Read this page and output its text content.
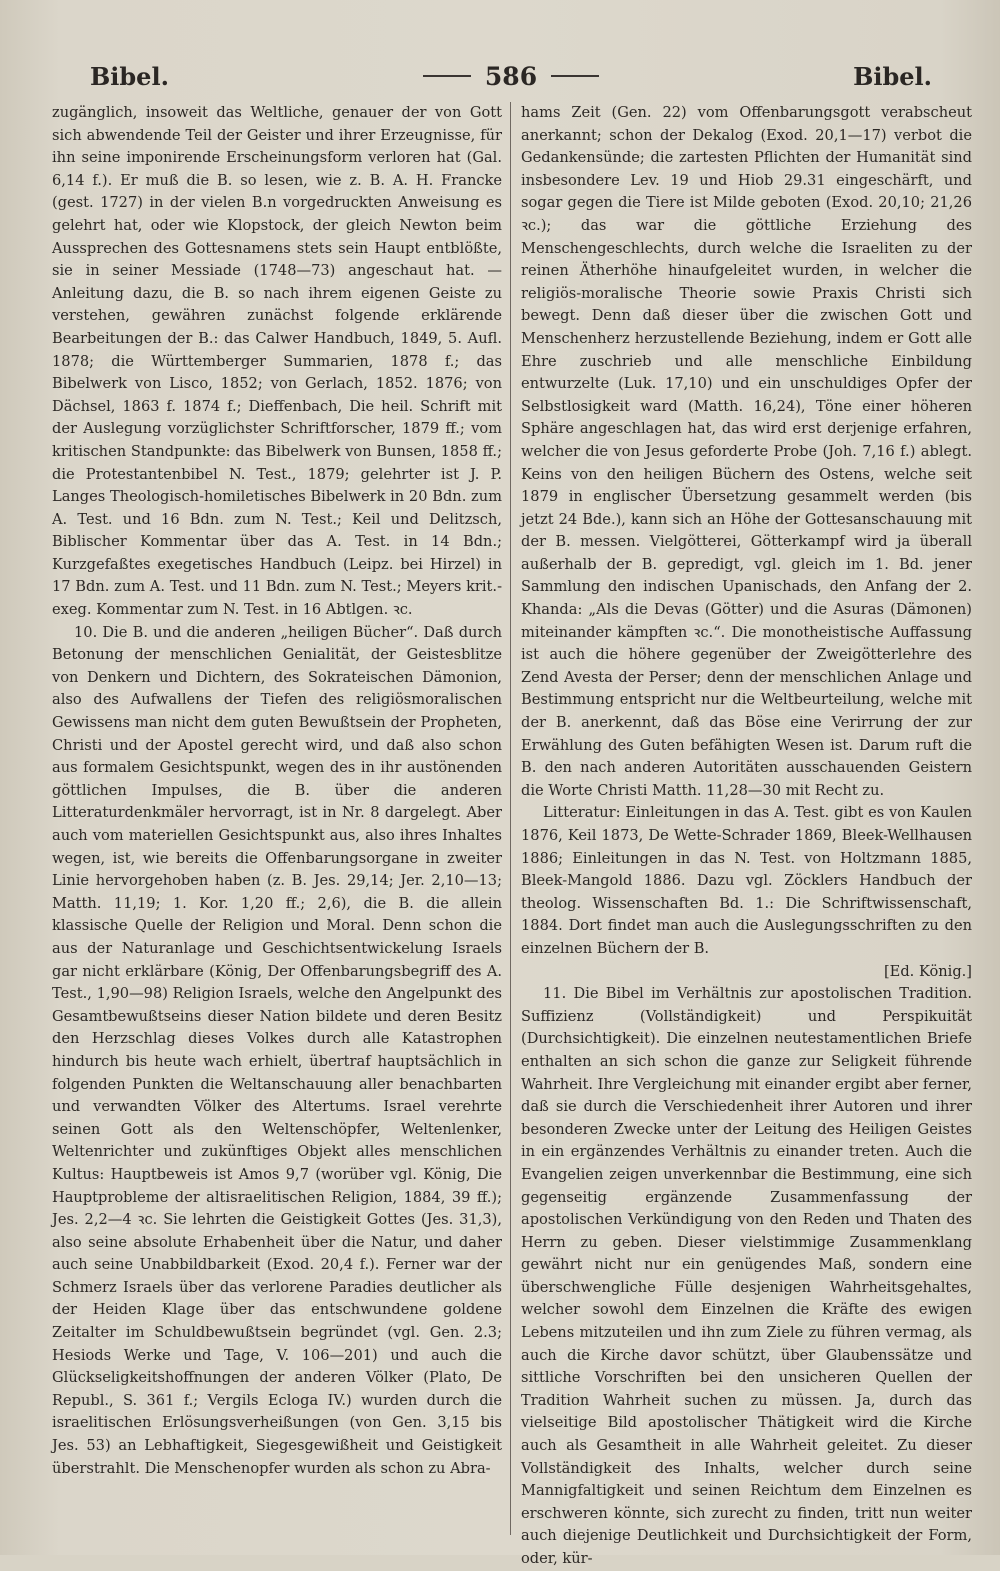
Bibel.	586	Bibel.

zugänglich, insoweit das Weltliche, genauer der von Gott sich abwendende Teil der Geister und ihrer Erzeugnisse, für ihn seine imponirende Erscheinungsform verloren hat (Gal. 6,14 f.). Er muß die B. so lesen, wie z. B. A. H. Francke (gest. 1727) in der vielen B.n vorgedruckten Anweisung es gelehrt hat, oder wie Klopstock, der gleich Newton beim Aussprechen des Gottesnamens stets sein Haupt entblößte, sie in seiner Messiade (1748—73) angeschaut hat. — Anleitung dazu, die B. so nach ihrem eigenen Geiste zu verstehen, gewähren zunächst folgende erklärende Bearbeitungen der B.: das Calwer Handbuch, 1849, 5. Aufl. 1878; die Württemberger Summarien, 1878 f.; das Bibelwerk von Lisco, 1852; von Gerlach, 1852. 1876; von Dächsel, 1863 f. 1874 f.; Dieffenbach, Die heil. Schrift mit der Auslegung vorzüglichster Schriftforscher, 1879 ff.; vom kritischen Standpunkte: das Bibelwerk von Bunsen, 1858 ff.; die Protestantenbibel N. Test., 1879; gelehrter ist J. P. Langes Theologisch-homiletisches Bibelwerk in 20 Bdn. zum A. Test. und 16 Bdn. zum N. Test.; Keil und Delitzsch, Biblischer Kommentar über das A. Test. in 14 Bdn.; Kurzgefaßtes exegetisches Handbuch (Leipz. bei Hirzel) in 17 Bdn. zum A. Test. und 11 Bdn. zum N. Test.; Meyers krit.-exeg. Kommentar zum N. Test. in 16 Abtlgen. ꝛc.

10. Die B. und die anderen „heiligen Bücher“. Daß durch Betonung der menschlichen Genialität, der Geistesblitze von Denkern und Dichtern, des Sokrateischen Dämonion, also des Aufwallens der Tiefen des religiösmoralischen Gewissens man nicht dem guten Bewußtsein der Propheten, Christi und der Apostel gerecht wird, und daß also schon aus formalem Gesichtspunkt, wegen des in ihr austönenden göttlichen Impulses, die B. über die anderen Litteraturdenkmäler hervorragt, ist in Nr. 8 dargelegt. Aber auch vom materiellen Gesichtspunkt aus, also ihres Inhaltes wegen, ist, wie bereits die Offenbarungsorgane in zweiter Linie hervorgehoben haben (z. B. Jes. 29,14; Jer. 2,10—13; Matth. 11,19; 1. Kor. 1,20 ff.; 2,6), die B. die allein klassische Quelle der Religion und Moral. Denn schon die aus der Naturanlage und Geschichtsentwickelung Israels gar nicht erklärbare (König, Der Offenbarungsbegriff des A. Test., 1,90—98) Religion Israels, welche den Angelpunkt des Gesamtbewußtseins dieser Nation bildete und deren Besitz den Herzschlag dieses Volkes durch alle Katastrophen hindurch bis heute wach erhielt, übertraf hauptsächlich in folgenden Punkten die Weltanschauung aller benachbarten und verwandten Völker des Altertums. Israel verehrte seinen Gott als den Weltenschöpfer, Weltenlenker, Weltenrichter und zukünftiges Objekt alles menschlichen Kultus: Hauptbeweis ist Amos 9,7 (worüber vgl. König, Die Hauptprobleme der altisraelitischen Religion, 1884, 39 ff.); Jes. 2,2—4 ꝛc. Sie lehrten die Geistigkeit Gottes (Jes. 31,3), also seine absolute Erhabenheit über die Natur, und daher auch seine Unabbildbarkeit (Exod. 20,4 f.). Ferner war der Schmerz Israels über das verlorene Paradies deutlicher als der Heiden Klage über das entschwundene goldene Zeitalter im Schuldbewußtsein begründet (vgl. Gen. 2.3; Hesiods Werke und Tage, V. 106—201) und auch die Glückseligkeitshoffnungen der anderen Völker (Plato, De Republ., S. 361 f.; Vergils Ecloga IV.) wurden durch die israelitischen Erlösungsverheißungen (von Gen. 3,15 bis Jes. 53) an Lebhaftigkeit, Siegesgewißheit und Geistigkeit überstrahlt. Die Menschenopfer wurden als schon zu Abra-

hams Zeit (Gen. 22) vom Offenbarungsgott verabscheut anerkannt; schon der Dekalog (Exod. 20,1—17) verbot die Gedankensünde; die zartesten Pflichten der Humanität sind insbesondere Lev. 19 und Hiob 29.31 eingeschärft, und sogar gegen die Tiere ist Milde geboten (Exod. 20,10; 21,26 ꝛc.); das war die göttliche Erziehung des Menschengeschlechts, durch welche die Israeliten zu der reinen Ätherhöhe hinaufgeleitet wurden, in welcher die religiös-moralische Theorie sowie Praxis Christi sich bewegt. Denn daß dieser über die zwischen Gott und Menschenherz herzustellende Beziehung, indem er Gott alle Ehre zuschrieb und alle menschliche Einbildung entwurzelte (Luk. 17,10) und ein unschuldiges Opfer der Selbstlosigkeit ward (Matth. 16,24), Töne einer höheren Sphäre angeschlagen hat, das wird erst derjenige erfahren, welcher die von Jesus geforderte Probe (Joh. 7,16 f.) ablegt. Keins von den heiligen Büchern des Ostens, welche seit 1879 in englischer Übersetzung gesammelt werden (bis jetzt 24 Bde.), kann sich an Höhe der Gottesanschauung mit der B. messen. Vielgötterei, Götterkampf wird ja überall außerhalb der B. gepredigt, vgl. gleich im 1. Bd. jener Sammlung den indischen Upanischads, den Anfang der 2. Khanda: „Als die Devas (Götter) und die Asuras (Dämonen) miteinander kämpften ꝛc.“. Die monotheistische Auffassung ist auch die höhere gegenüber der Zweigötterlehre des Zend Avesta der Perser; denn der menschlichen Anlage und Bestimmung entspricht nur die Weltbeurteilung, welche mit der B. anerkennt, daß das Böse eine Verirrung der zur Erwählung des Guten befähigten Wesen ist. Darum ruft die B. den nach anderen Autoritäten ausschauenden Geistern die Worte Christi Matth. 11,28—30 mit Recht zu.

Litteratur: Einleitungen in das A. Test. gibt es von Kaulen 1876, Keil 1873, De Wette-Schrader 1869, Bleek-Wellhausen 1886; Einleitungen in das N. Test. von Holtzmann 1885, Bleek-Mangold 1886. Dazu vgl. Zöcklers Handbuch der theolog. Wissenschaften Bd. 1.: Die Schriftwissenschaft, 1884. Dort findet man auch die Auslegungsschriften zu den einzelnen Büchern der B.

[Ed. König.]

11. Die Bibel im Verhältnis zur apostolischen Tradition. Suffizienz (Vollständigkeit) und Perspikuität (Durchsichtigkeit). Die einzelnen neutestamentlichen Briefe enthalten an sich schon die ganze zur Seligkeit führende Wahrheit. Ihre Vergleichung mit einander ergibt aber ferner, daß sie durch die Verschiedenheit ihrer Autoren und ihrer besonderen Zwecke unter der Leitung des Heiligen Geistes in ein ergänzendes Verhältnis zu einander treten. Auch die Evangelien zeigen unverkennbar die Bestimmung, eine sich gegenseitig ergänzende Zusammenfassung der apostolischen Verkündigung von den Reden und Thaten des Herrn zu geben. Dieser vielstimmige Zusammenklang gewährt nicht nur ein genügendes Maß, sondern eine überschwengliche Fülle desjenigen Wahrheitsgehaltes, welcher sowohl dem Einzelnen die Kräfte des ewigen Lebens mitzuteilen und ihn zum Ziele zu führen vermag, als auch die Kirche davor schützt, über Glaubenssätze und sittliche Vorschriften bei den unsicheren Quellen der Tradition Wahrheit suchen zu müssen. Ja, durch das vielseitige Bild apostolischer Thätigkeit wird die Kirche auch als Gesamtheit in alle Wahrheit geleitet. Zu dieser Vollständigkeit des Inhalts, welcher durch seine Mannigfaltigkeit und seinen Reichtum dem Einzelnen es erschweren könnte, sich zurecht zu finden, tritt nun weiter auch diejenige Deutlichkeit und Durchsichtigkeit der Form, oder, kür-
